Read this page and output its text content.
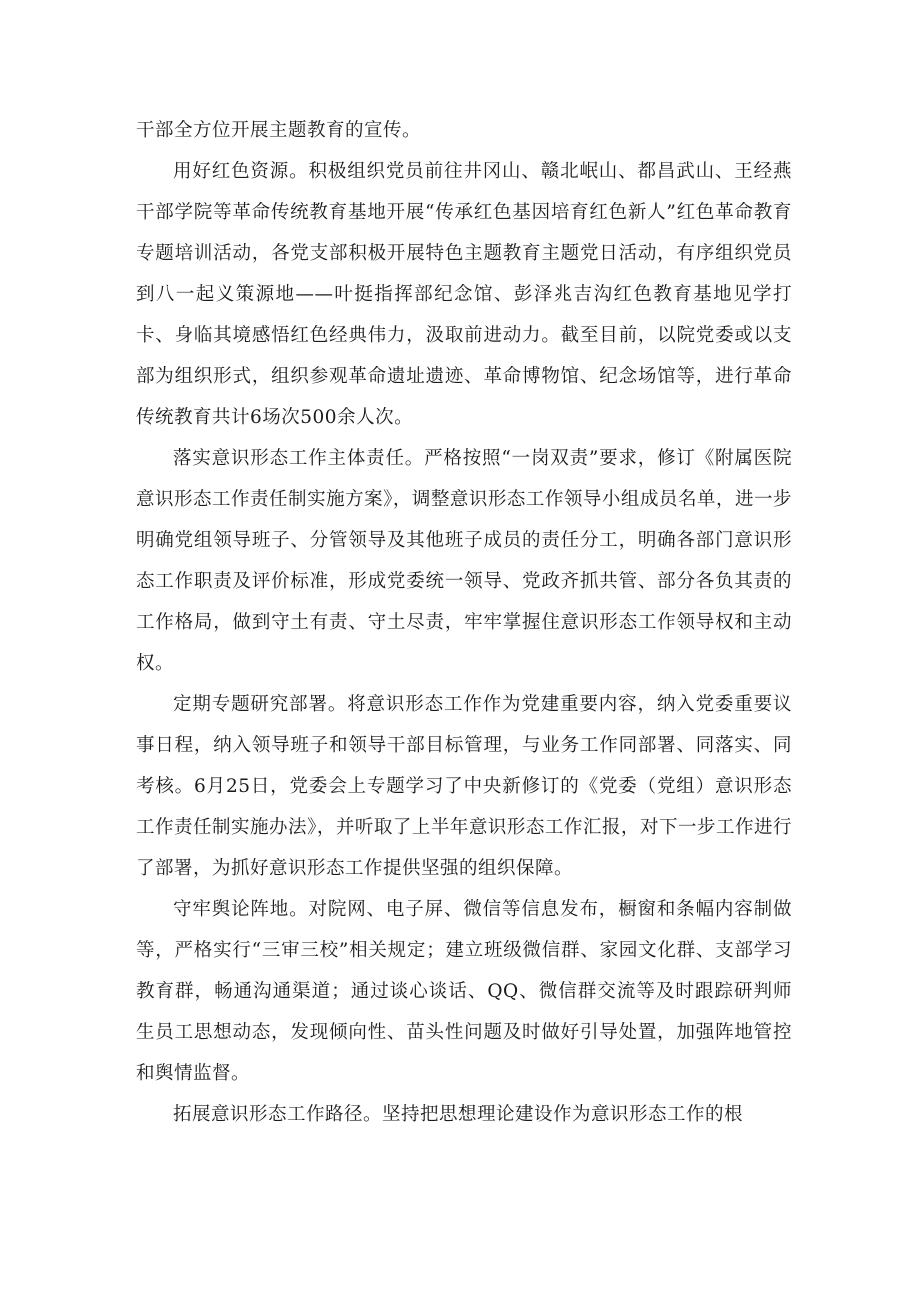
干部全方位开展主题教育的宣传。

用好红色资源。积极组织党员前往井冈山、赣北岷山、都昌武山、王经燕干部学院等革命传统教育基地开展“传承红色基因培育红色新人”红色革命教育专题培训活动，各党支部积极开展特色主题教育主题党日活动，有序组织党员到八一起义策源地——叶挺指挥部纪念馆、彭泽兆吉沟红色教育基地见学打卡、身临其境感悟红色经典伟力，汲取前进动力。截至目前，以院党委或以支部为组织形式，组织参观革命遗址遗迹、革命博物馆、纪念场馆等，进行革命传统教育共计6场次500余人次。

落实意识形态工作主体责任。严格按照“一岗双责”要求，修订《附属医院意识形态工作责任制实施方案》，调整意识形态工作领导小组成员名单，进一步明确党组领导班子、分管领导及其他班子成员的责任分工，明确各部门意识形态工作职责及评价标准，形成党委统一领导、党政齐抓共管、部分各负其责的工作格局，做到守土有责、守土尽责，牢牢掌握住意识形态工作领导权和主动权。

定期专题研究部署。将意识形态工作作为党建重要内容，纳入党委重要议事日程，纳入领导班子和领导干部目标管理，与业务工作同部署、同落实、同考核。6月25日，党委会上专题学习了中央新修订的《党委（党组）意识形态工作责任制实施办法》，并听取了上半年意识形态工作汇报，对下一步工作进行了部署，为抓好意识形态工作提供坚强的组织保障。

守牢舆论阵地。对院网、电子屏、微信等信息发布，橱窗和条幅内容制做等，严格实行“三审三校”相关规定；建立班级微信群、家园文化群、支部学习教育群，畅通沟通渠道；通过谈心谈话、QQ、微信群交流等及时跟踪研判师生员工思想动态，发现倾向性、苗头性问题及时做好引导处置，加强阵地管控和舆情监督。

拓展意识形态工作路径。坚持把思想理论建设作为意识形态工作的根
